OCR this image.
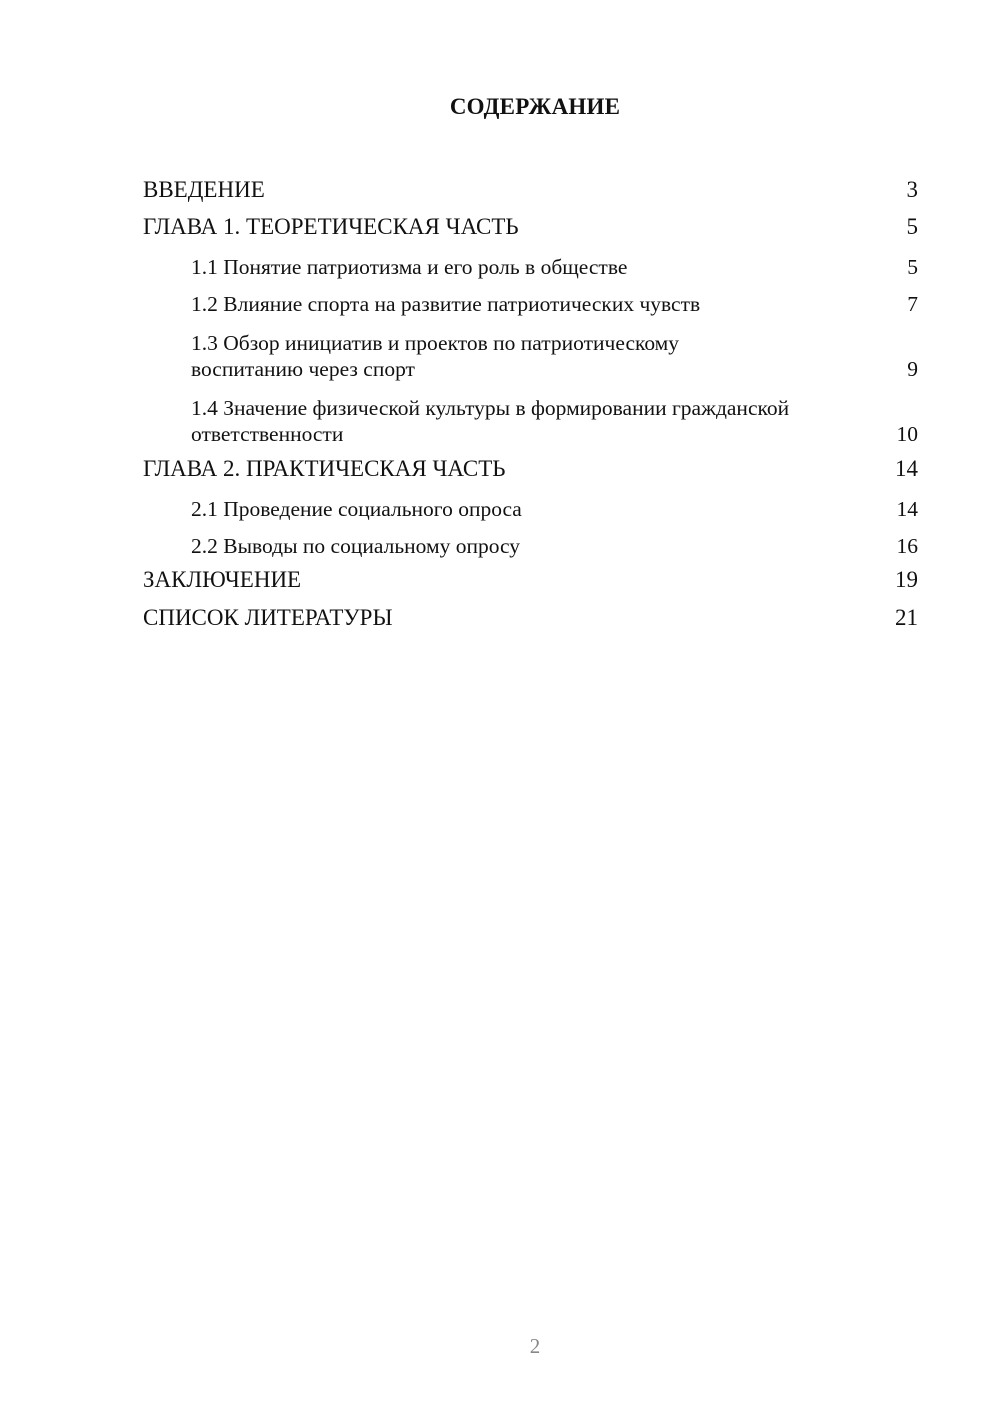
СОДЕРЖАНИЕ
ВВЕДЕНИЕ	3
ГЛАВА 1. ТЕОРЕТИЧЕСКАЯ ЧАСТЬ	5
1.1 Понятие патриотизма и его роль в обществе	5
1.2 Влияние спорта на развитие патриотических чувств	7
1.3 Обзор инициатив и проектов по патриотическому воспитанию через спорт	9
1.4 Значение физической культуры в формировании гражданской ответственности	10
ГЛАВА 2. ПРАКТИЧЕСКАЯ ЧАСТЬ	14
2.1 Проведение социального опроса	14
2.2 Выводы по социальному опросу	16
ЗАКЛЮЧЕНИЕ	19
СПИСОК ЛИТЕРАТУРЫ	21
2
